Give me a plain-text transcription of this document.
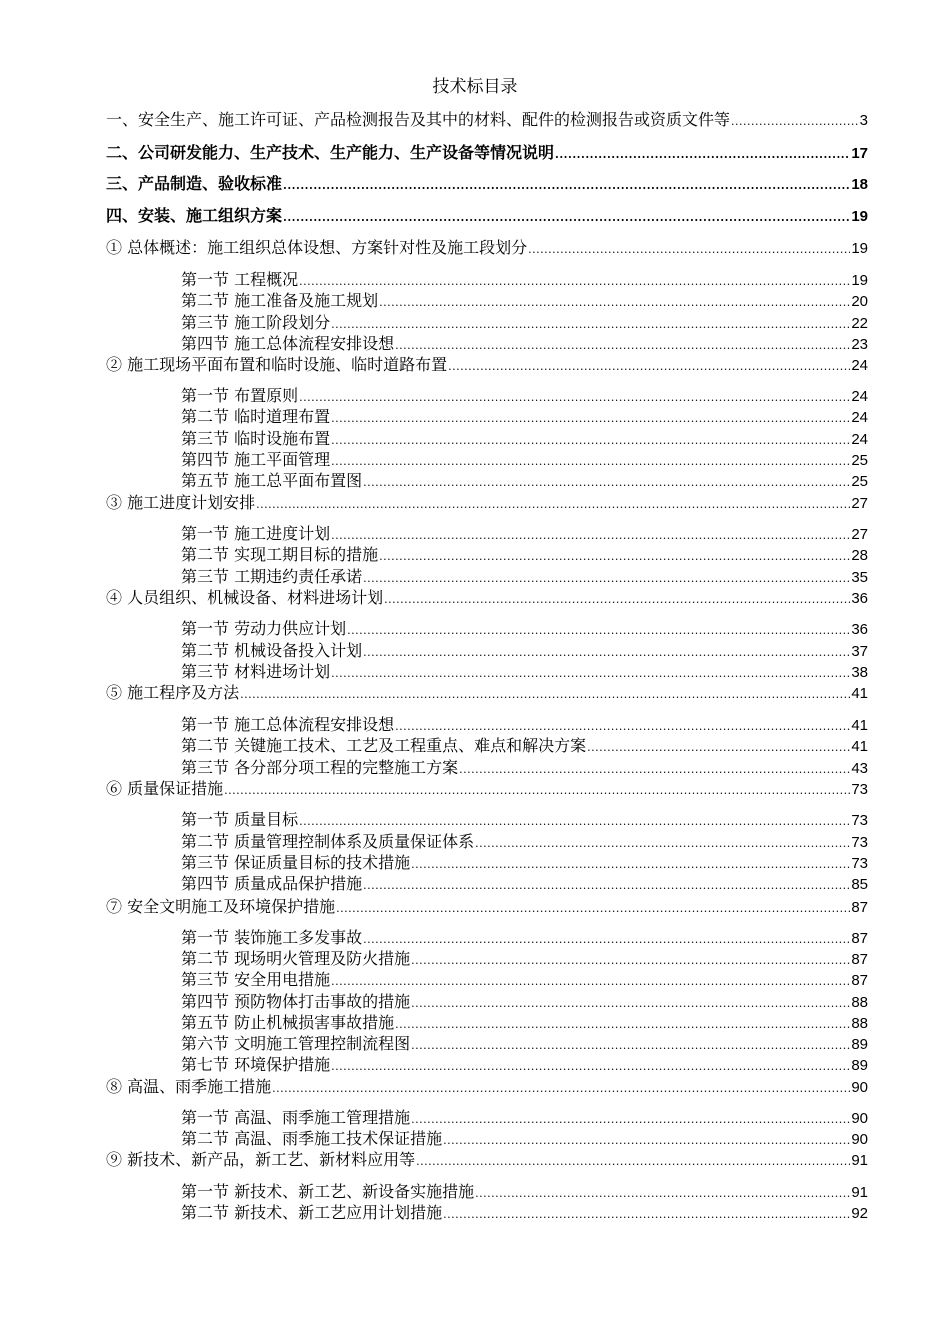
技术标目录
一、安全生产、施工许可证、产品检测报告及其中的材料、配件的检测报告或资质文件等 .....	3
二、公司研发能力、生产技术、生产能力、生产设备等情况说明 .....	17
三、产品制造、验收标准 .....	18
四、安装、施工组织方案 .....	19
① 总体概述：施工组织总体设想、方案针对性及施工段划分 .....	19
第一节 工程概况 .....	19
第二节 施工准备及施工规划 .....	20
第三节 施工阶段划分 .....	22
第四节 施工总体流程安排设想 .....	23
② 施工现场平面布置和临时设施、临时道路布置 .....	24
第一节 布置原则 .....	24
第二节 临时道理布置 .....	24
第三节 临时设施布置 .....	24
第四节 施工平面管理 .....	25
第五节 施工总平面布置图 .....	25
③ 施工进度计划安排 .....	27
第一节 施工进度计划 .....	27
第二节 实现工期目标的措施 .....	28
第三节 工期违约责任承诺 .....	35
④ 人员组织、机械设备、材料进场计划 .....	36
第一节 劳动力供应计划 .....	36
第二节 机械设备投入计划 .....	37
第三节 材料进场计划 .....	38
⑤ 施工程序及方法 .....	41
第一节 施工总体流程安排设想 .....	41
第二节 关键施工技术、工艺及工程重点、难点和解决方案 .....	41
第三节 各分部分项工程的完整施工方案 .....	43
⑥ 质量保证措施 .....	73
第一节 质量目标 .....	73
第二节 质量管理控制体系及质量保证体系 .....	73
第三节 保证质量目标的技术措施 .....	73
第四节 质量成品保护措施 .....	85
⑦ 安全文明施工及环境保护措施 .....	87
第一节 装饰施工多发事故 .....	87
第二节 现场明火管理及防火措施 .....	87
第三节 安全用电措施 .....	87
第四节 预防物体打击事故的措施 .....	88
第五节 防止机械损害事故措施 .....	88
第六节 文明施工管理控制流程图 .....	89
第七节 环境保护措施 .....	89
⑧ 高温、雨季施工措施 .....	90
第一节 高温、雨季施工管理措施 .....	90
第二节 高温、雨季施工技术保证措施 .....	90
⑨ 新技术、新产品，新工艺、新材料应用等 .....	91
第一节 新技术、新工艺、新设备实施措施 .....	91
第二节 新技术、新工艺应用计划措施 .....	92
